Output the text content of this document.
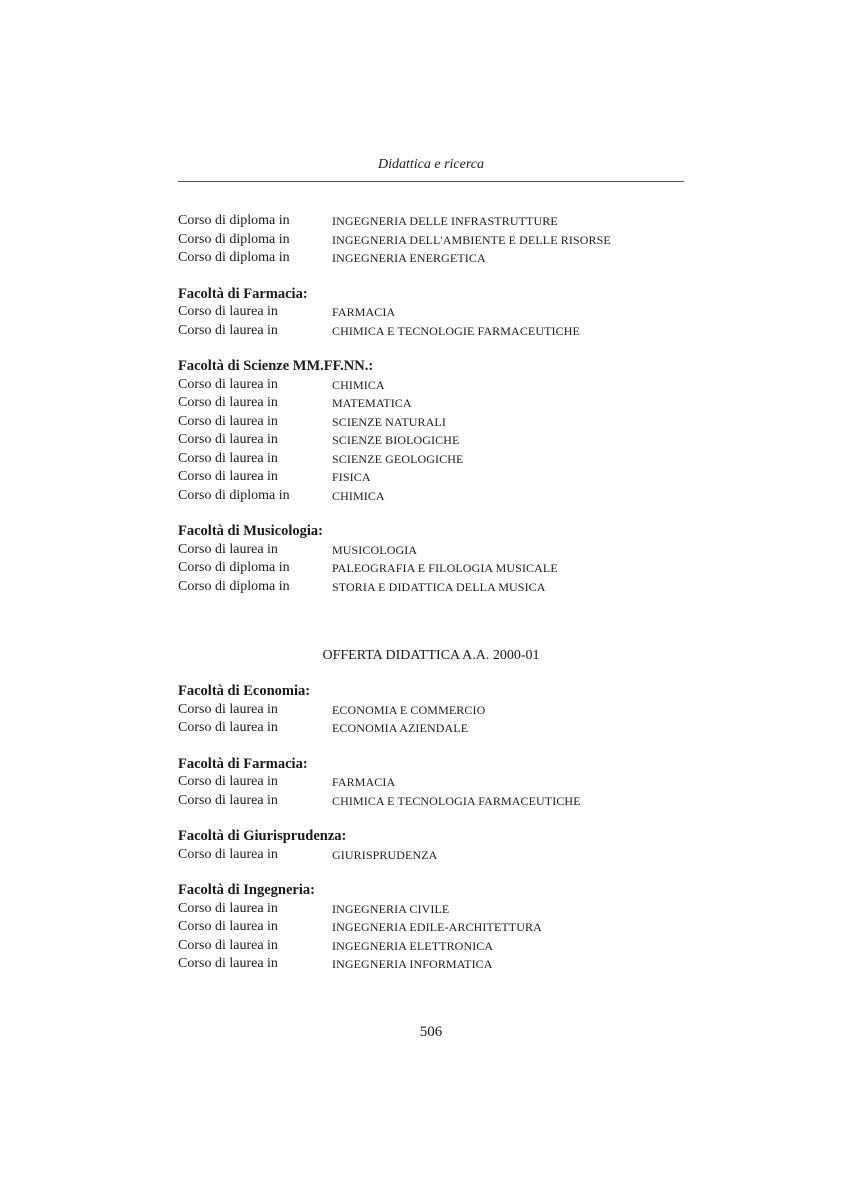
Didattica e ricerca
Corso di diploma in	INGEGNERIA DELLE INFRASTRUTTURE
Corso di diploma in	INGEGNERIA DELL'AMBIENTE E DELLE RISORSE
Corso di diploma in	INGEGNERIA ENERGETICA
Facoltà di Farmacia:
Corso di laurea in	FARMACIA
Corso di laurea in	CHIMICA E TECNOLOGIE FARMACEUTICHE
Facoltà di Scienze MM.FF.NN.:
Corso di laurea in	CHIMICA
Corso di laurea in	MATEMATICA
Corso di laurea in	SCIENZE NATURALI
Corso di laurea in	SCIENZE BIOLOGICHE
Corso di laurea in	SCIENZE GEOLOGICHE
Corso di laurea in	FISICA
Corso di diploma in	CHIMICA
Facoltà di Musicologia:
Corso di laurea in	MUSICOLOGIA
Corso di diploma in	PALEOGRAFIA E FILOLOGIA MUSICALE
Corso di diploma in	STORIA E DIDATTICA DELLA MUSICA
OFFERTA DIDATTICA A.A. 2000-01
Facoltà di Economia:
Corso di laurea in	ECONOMIA E COMMERCIO
Corso di laurea in	ECONOMIA AZIENDALE
Facoltà di Farmacia:
Corso di laurea in	FARMACIA
Corso di laurea in	CHIMICA E TECNOLOGIA FARMACEUTICHE
Facoltà di Giurisprudenza:
Corso di laurea in	GIURISPRUDENZA
Facoltà di Ingegneria:
Corso di laurea in	INGEGNERIA CIVILE
Corso di laurea in	INGEGNERIA EDILE-ARCHITETTURA
Corso di laurea in	INGEGNERIA ELETTRONICA
Corso di laurea in	INGEGNERIA INFORMATICA
506
